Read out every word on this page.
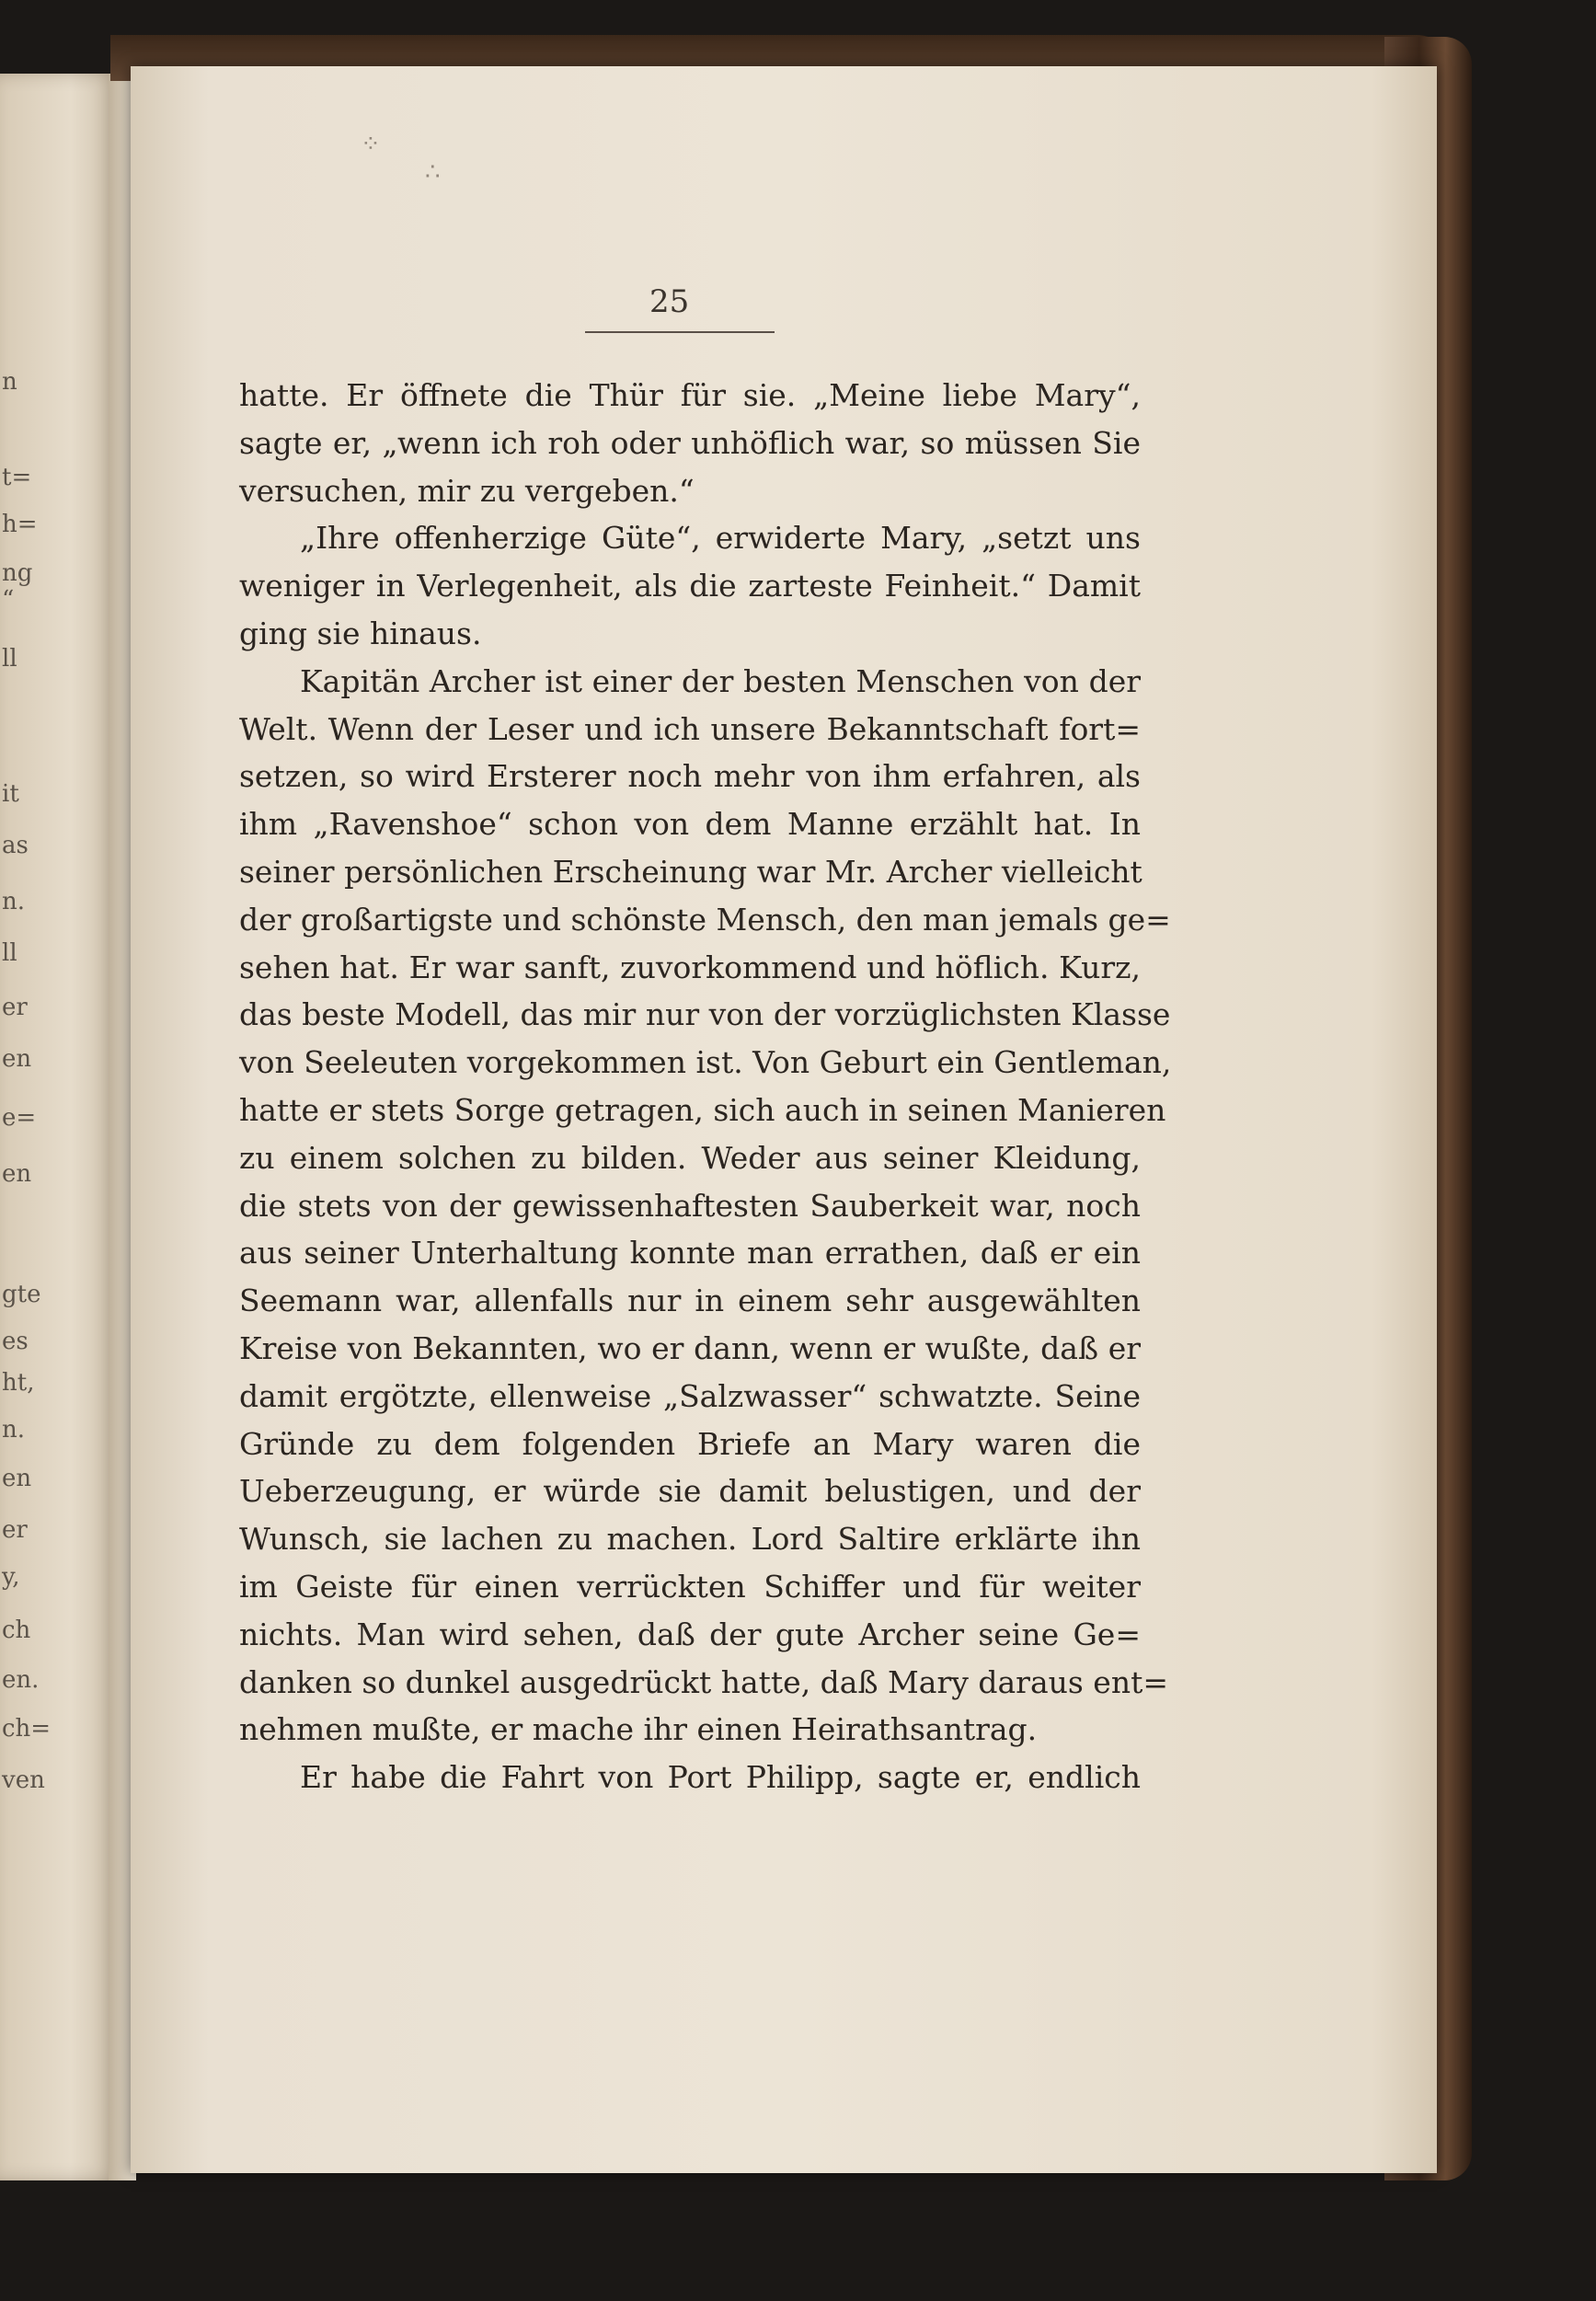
n
t=
h=
ng
“
ll
it
as
n.
ll
er
en
e=
en
gte
es
ht,
n.
en
er
y,
ch
en.
ch=
ven
⁘
∴
25
hatte. Er öffnete die Thür für sie. „Meine liebe Mary“,
sagte er, „wenn ich roh oder unhöflich war, so müssen Sie
versuchen, mir zu vergeben.“
„Ihre offenherzige Güte“, erwiderte Mary, „setzt uns
weniger in Verlegenheit, als die zarteste Feinheit.“ Damit
ging sie hinaus.
Kapitän Archer ist einer der besten Menschen von der
Welt. Wenn der Leser und ich unsere Bekanntschaft fort=
setzen, so wird Ersterer noch mehr von ihm erfahren, als
ihm „Ravenshoe“ schon von dem Manne erzählt hat. In
seiner persönlichen Erscheinung war Mr. Archer vielleicht
der großartigste und schönste Mensch, den man jemals ge=
sehen hat. Er war sanft, zuvorkommend und höflich. Kurz,
das beste Modell, das mir nur von der vorzüglichsten Klasse
von Seeleuten vorgekommen ist. Von Geburt ein Gentleman,
hatte er stets Sorge getragen, sich auch in seinen Manieren
zu einem solchen zu bilden. Weder aus seiner Kleidung,
die stets von der gewissenhaftesten Sauberkeit war, noch
aus seiner Unterhaltung konnte man errathen, daß er ein
Seemann war, allenfalls nur in einem sehr ausgewählten
Kreise von Bekannten, wo er dann, wenn er wußte, daß er
damit ergötzte, ellenweise „Salzwasser“ schwatzte. Seine
Gründe zu dem folgenden Briefe an Mary waren die
Ueberzeugung, er würde sie damit belustigen, und der
Wunsch, sie lachen zu machen. Lord Saltire erklärte ihn
im Geiste für einen verrückten Schiffer und für weiter
nichts. Man wird sehen, daß der gute Archer seine Ge=
danken so dunkel ausgedrückt hatte, daß Mary daraus ent=
nehmen mußte, er mache ihr einen Heirathsantrag.
Er habe die Fahrt von Port Philipp, sagte er, endlich
